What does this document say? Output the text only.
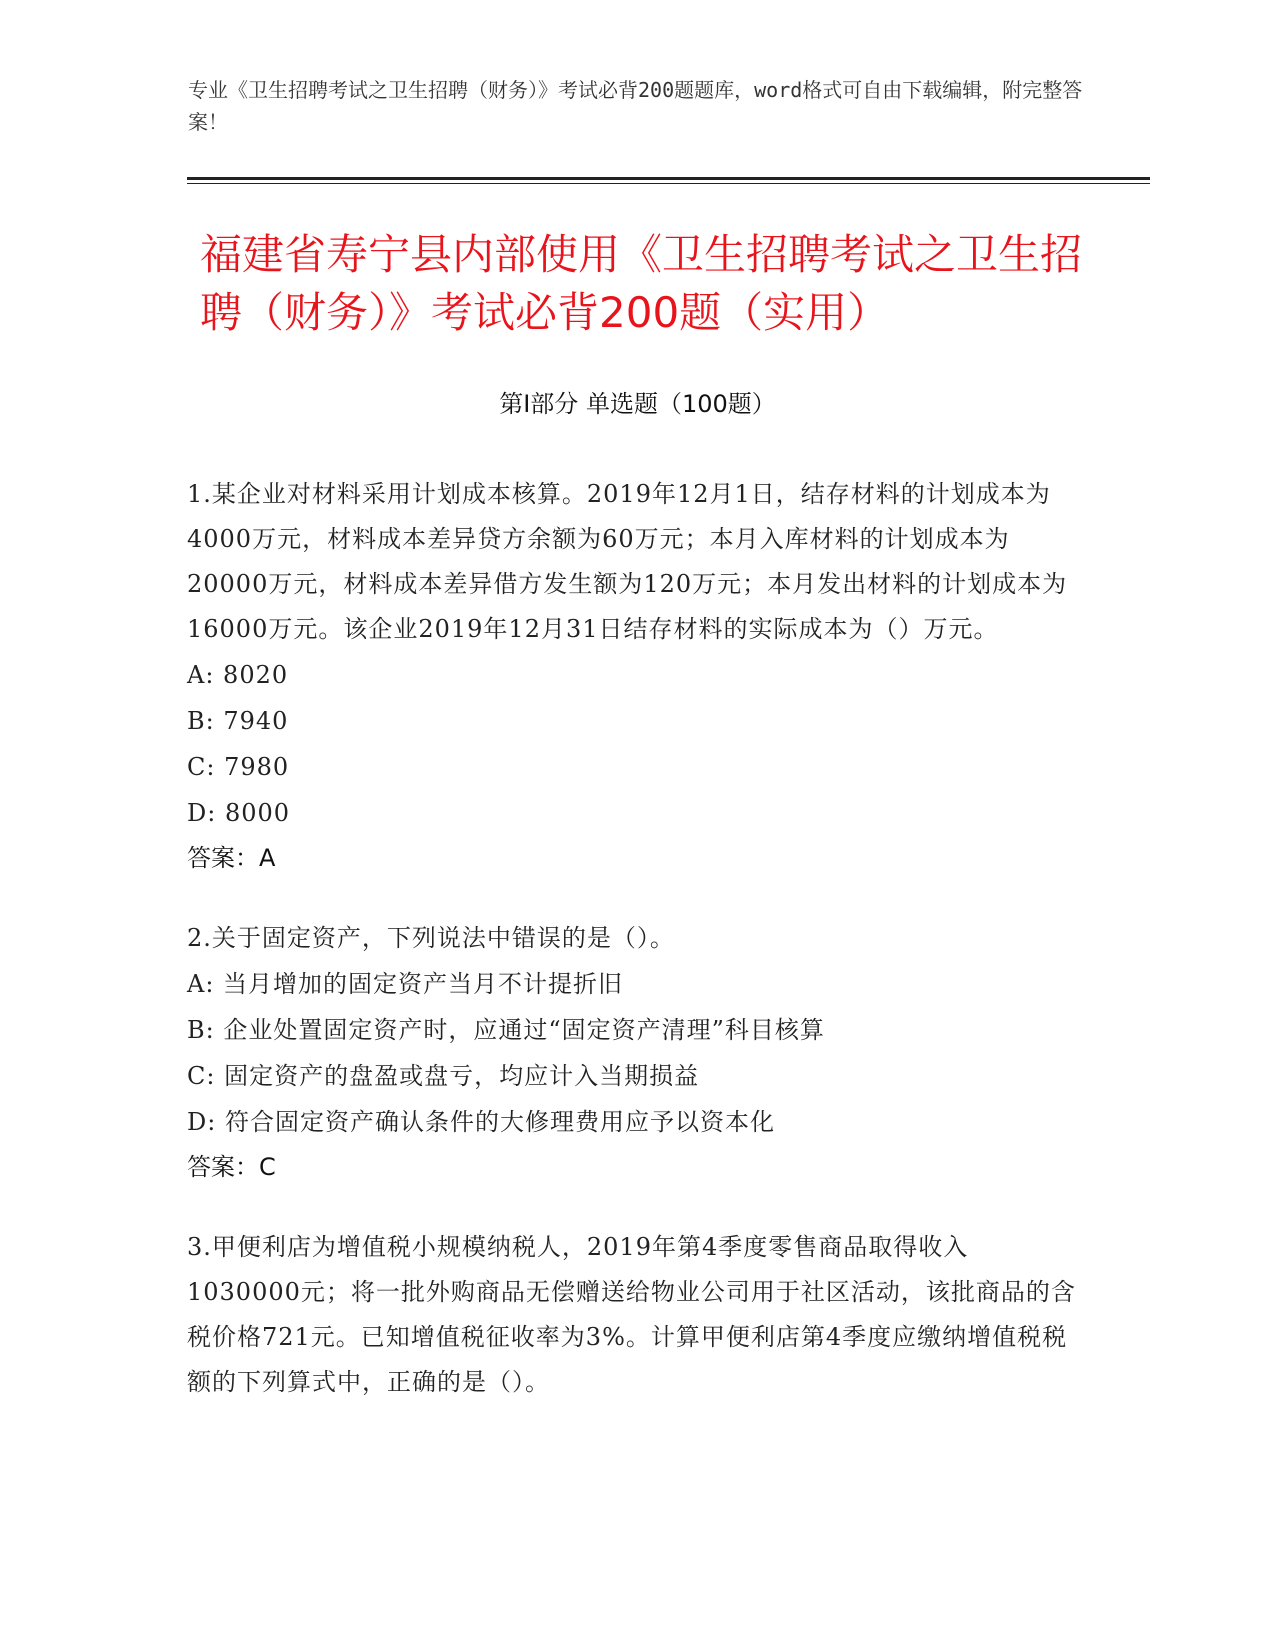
专业《卫生招聘考试之卫生招聘（财务）》考试必背200题题库，word格式可自由下载编辑，附完整答案！
福建省寿宁县内部使用《卫生招聘考试之卫生招聘（财务）》考试必背200题（实用）
第I部分 单选题（100题）
1.某企业对材料采用计划成本核算。2019年12月1日，结存材料的计划成本为4000万元，材料成本差异贷方余额为60万元；本月入库材料的计划成本为20000万元，材料成本差异借方发生额为120万元；本月发出材料的计划成本为16000万元。该企业2019年12月31日结存材料的实际成本为（）万元。
A: 8020
B: 7940
C: 7980
D: 8000
答案：A
2.关于固定资产，下列说法中错误的是（）。
A: 当月增加的固定资产当月不计提折旧
B: 企业处置固定资产时，应通过“固定资产清理”科目核算
C: 固定资产的盘盈或盘亏，均应计入当期损益
D: 符合固定资产确认条件的大修理费用应予以资本化
答案：C
3.甲便利店为增值税小规模纳税人，2019年第4季度零售商品取得收入1030000元；将一批外购商品无偿赠送给物业公司用于社区活动，该批商品的含税价格721元。已知增值税征收率为3%。计算甲便利店第4季度应缴纳增值税税额的下列算式中，正确的是（）。
